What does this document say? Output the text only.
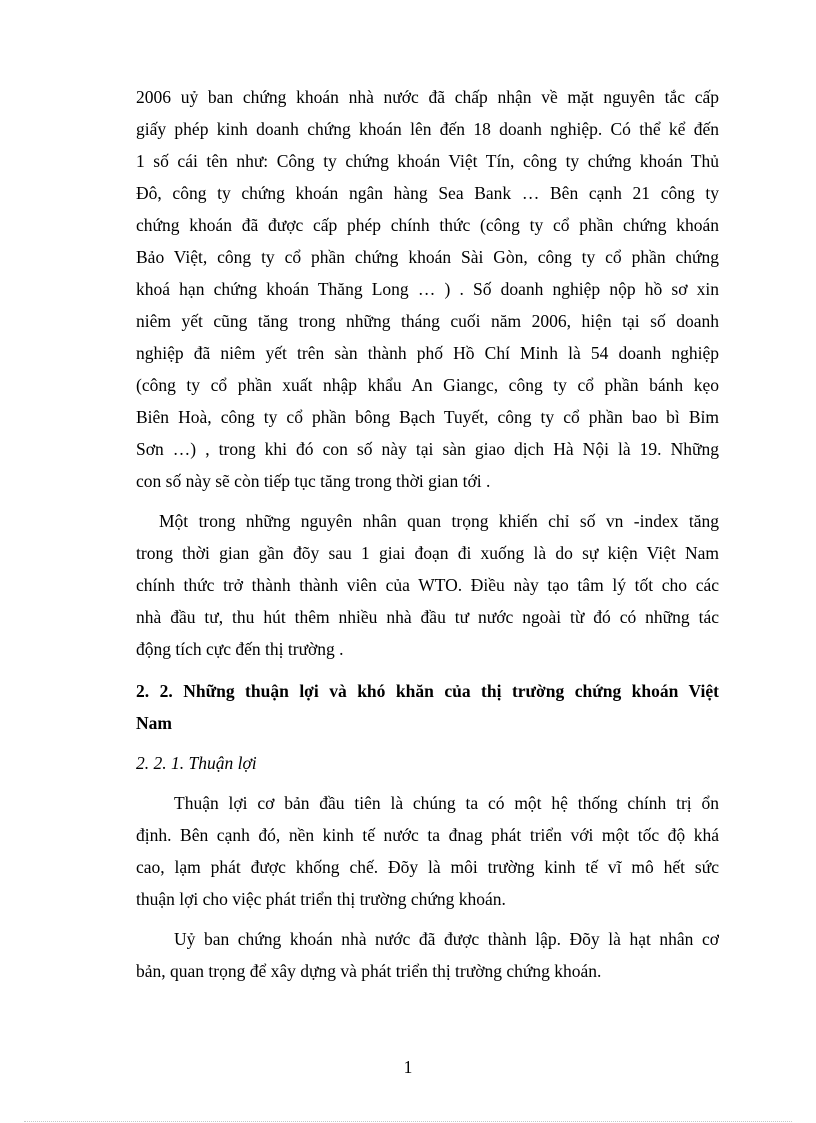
2006 uỷ ban chứng khoán nhà nước đã chấp nhận về mặt nguyên tắc cấp
giấy phép kinh doanh chứng khoán lên đến 18 doanh nghiệp. Có thể kể đến
1 số cái tên như: Công ty chứng khoán Việt Tín, công ty chứng khoán Thủ
Đô, công ty chứng khoán ngân hàng Sea Bank … Bên cạnh 21 công ty
chứng khoán đã được cấp phép chính thức (công ty cổ phần chứng khoán
Bảo Việt, công ty cổ phần chứng khoán Sài Gòn, công ty cổ phần chứng
khoá hạn chứng khoán Thăng Long … ) . Số doanh nghiệp nộp hồ sơ xin
niêm yết cũng tăng trong những tháng cuối năm 2006, hiện tại số doanh
nghiệp đã niêm yết trên sàn thành phố Hồ Chí Minh là 54 doanh nghiệp
(công ty cổ phần xuất nhập khẩu An Giangc, công ty cổ phần bánh kẹo
Biên Hoà, công ty cổ phần bông Bạch Tuyết, công ty cổ phần bao bì Bỉm
Sơn …) , trong khi đó con số này tại sàn giao dịch Hà Nội là 19. Những
con số này sẽ còn tiếp tục tăng trong thời gian tới .
Một trong những nguyên nhân quan trọng khiến chỉ số vn -index tăng
trong thời gian gần đõy sau 1 giai đoạn đi xuống là do sự kiện Việt Nam
chính thức trở thành thành viên của WTO. Điều này tạo tâm lý tốt cho các
nhà đầu tư, thu hút thêm nhiều nhà đầu tư nước ngoài từ đó có những tác
động tích cực đến thị trường .
2. 2. Những thuận lợi và khó khăn của thị trường chứng khoán Việt
Nam
2. 2. 1. Thuận lợi
Thuận lợi cơ bản đầu tiên là chúng ta có một hệ thống chính trị ổn
định. Bên cạnh đó, nền kinh tế nước ta đnag phát triển với một tốc độ khá
cao, lạm phát được khống chế. Đõy là môi trường kinh tế vĩ mô hết sức
thuận lợi cho việc phát triển thị trường chứng khoán.
Uỷ ban chứng khoán nhà nước đã được thành lập. Đõy là hạt nhân cơ
bản, quan trọng để xây dựng và phát triển thị trường chứng khoán.
1
